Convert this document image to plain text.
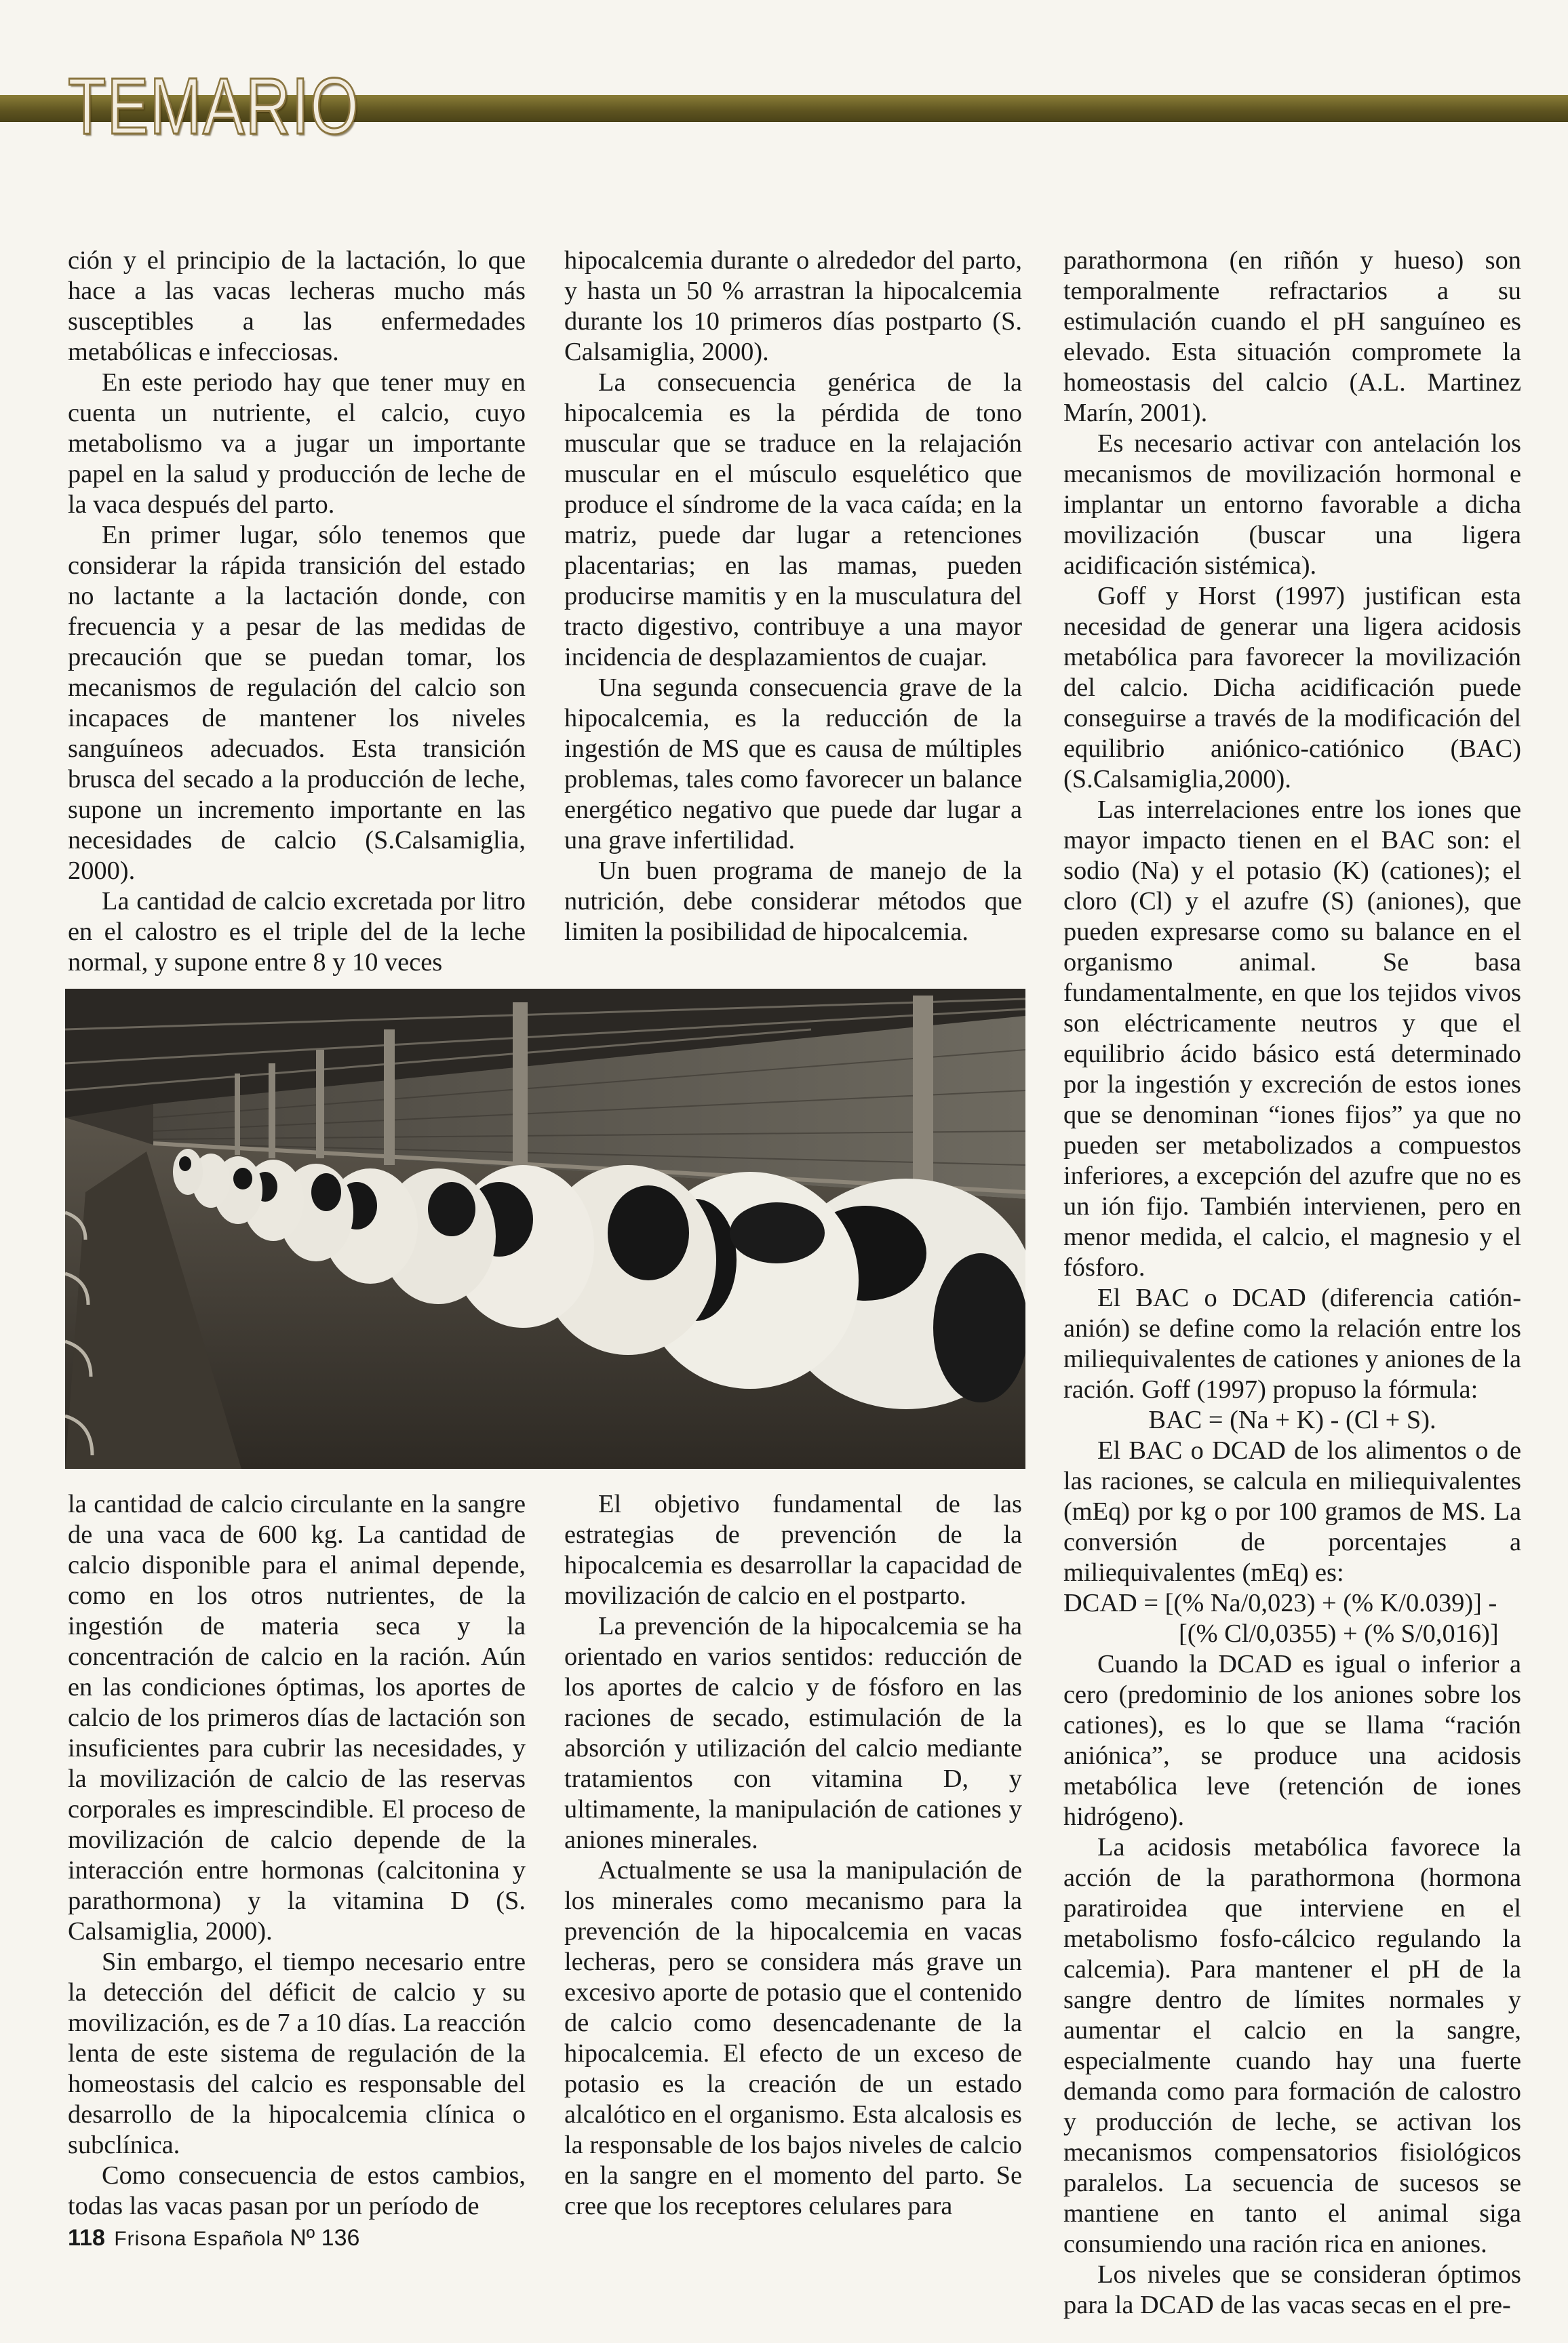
TEMARIO

ción y el principio de la lactación, lo que hace a las vacas lecheras mucho más susceptibles a las enfermedades metabólicas e infecciosas.

En este periodo hay que tener muy en cuenta un nutriente, el calcio, cuyo metabolismo va a jugar un importante papel en la salud y producción de leche de la vaca después del parto.

En primer lugar, sólo tenemos que considerar la rápida transición del estado no lactante a la lactación donde, con frecuencia y a pesar de las medidas de precaución que se puedan tomar, los mecanismos de regulación del calcio son incapaces de mantener los niveles sanguíneos adecuados. Esta transición brusca del secado a la producción de leche, supone un incremento importante en las necesidades de calcio (S.Calsamiglia, 2000).

La cantidad de calcio excretada por litro en el calostro es el triple del de la leche normal, y supone entre 8 y 10 veces

hipocalcemia durante o alrededor del parto, y hasta un 50 % arrastran la hipocalcemia durante los 10 primeros días postparto (S. Calsamiglia, 2000).

La consecuencia genérica de la hipocalcemia es la pérdida de tono muscular que se traduce en la relajación muscular en el músculo esquelético que produce el síndrome de la vaca caída; en la matriz, puede dar lugar a retenciones placentarias; en las mamas, pueden producirse mamitis y en la musculatura del tracto digestivo, contribuye a una mayor incidencia de desplazamientos de cuajar.

Una segunda consecuencia grave de la hipocalcemia, es la reducción de la ingestión de MS que es causa de múltiples problemas, tales como favorecer un balance energético negativo que puede dar lugar a una grave infertilidad.

Un buen programa de manejo de la nutrición, debe considerar métodos que limiten la posibilidad de hipocalcemia.

parathormona (en riñón y hueso) son temporalmente refractarios a su estimulación cuando el pH sanguíneo es elevado. Esta situación compromete la homeostasis del calcio (A.L. Martinez Marín, 2001).

Es necesario activar con antelación los mecanismos de movilización hormonal e implantar un entorno favorable a dicha movilización (buscar una ligera acidificación sistémica).

Goff y Horst (1997) justifican esta necesidad de generar una ligera acidosis metabólica para favorecer la movilización del calcio. Dicha acidificación puede conseguirse a través de la modificación del equilibrio aniónico-catiónico (BAC) (S.Calsamiglia,2000).

Las interrelaciones entre los iones que mayor impacto tienen en el BAC son: el sodio (Na) y el potasio (K) (cationes); el cloro (Cl) y el azufre (S) (aniones), que pueden expresarse como su balance en el organismo animal. Se basa fundamentalmente, en que los tejidos vivos son eléctricamente neutros y que el equilibrio ácido básico está determinado por la ingestión y excreción de estos iones que se denominan “iones fijos” ya que no pueden ser metabolizados a compuestos inferiores, a excepción del azufre que no es un ión fijo. También intervienen, pero en menor medida, el calcio, el magnesio y el fósforo.

El BAC o DCAD (diferencia catión-anión) se define como la relación entre los miliequivalentes de cationes y aniones de la ración. Goff (1997) propuso la fórmula:

BAC = (Na + K) - (Cl + S).

El BAC o DCAD de los alimentos o de las raciones, se calcula en miliequivalentes (mEq) por kg o por 100 gramos de MS. La conversión de porcentajes a miliequivalentes (mEq) es:

DCAD = [(% Na/0,023) + (% K/0.039)] -

[(% Cl/0,0355) + (% S/0,016)]

Cuando la DCAD es igual o inferior a cero (predominio de los aniones sobre los cationes), es lo que se llama “ración aniónica”, se produce una acidosis metabólica leve (retención de iones hidrógeno).

La acidosis metabólica favorece la acción de la parathormona (hormona paratiroidea que interviene en el metabolismo fosfo-cálcico regulando la calcemia). Para mantener el pH de la sangre dentro de límites normales y aumentar el calcio en la sangre, especialmente cuando hay una fuerte demanda como para formación de calostro y producción de leche, se activan los mecanismos compensatorios fisiológicos paralelos. La secuencia de sucesos se mantiene en tanto el animal siga consumiendo una ración rica en aniones.

Los niveles que se consideran óptimos para la DCAD de las vacas secas en el pre-

la cantidad de calcio circulante en la sangre de una vaca de 600 kg. La cantidad de calcio disponible para el animal depende, como en los otros nutrientes, de la ingestión de materia seca y la concentración de calcio en la ración. Aún en las condiciones óptimas, los aportes de calcio de los primeros días de lactación son insuficientes para cubrir las necesidades, y la movilización de calcio de las reservas corporales es imprescindible. El proceso de movilización de calcio depende de la interacción entre hormonas (calcitonina y parathormona) y la vitamina D (S. Calsamiglia, 2000).

Sin embargo, el tiempo necesario entre la detección del déficit de calcio y su movilización, es de 7 a 10 días. La reacción lenta de este sistema de regulación de la homeostasis del calcio es responsable del desarrollo de la hipocalcemia clínica o subclínica.

Como consecuencia de estos cambios, todas las vacas pasan por un período de

El objetivo fundamental de las estrategias de prevención de la hipocalcemia es desarrollar la capacidad de movilización de calcio en el postparto.

La prevención de la hipocalcemia se ha orientado en varios sentidos: reducción de los aportes de calcio y de fósforo en las raciones de secado, estimulación de la absorción y utilización del calcio mediante tratamientos con vitamina D, y ultimamente, la manipulación de cationes y aniones minerales.

Actualmente se usa la manipulación de los minerales como mecanismo para la prevención de la hipocalcemia en vacas lecheras, pero se considera más grave un excesivo aporte de potasio que el contenido de calcio como desencadenante de la hipocalcemia. El efecto de un exceso de potasio es la creación de un estado alcalótico en el organismo. Esta alcalosis es la responsable de los bajos niveles de calcio en la sangre en el momento del parto. Se cree que los receptores celulares para

118 Frisona Española Nº 136
